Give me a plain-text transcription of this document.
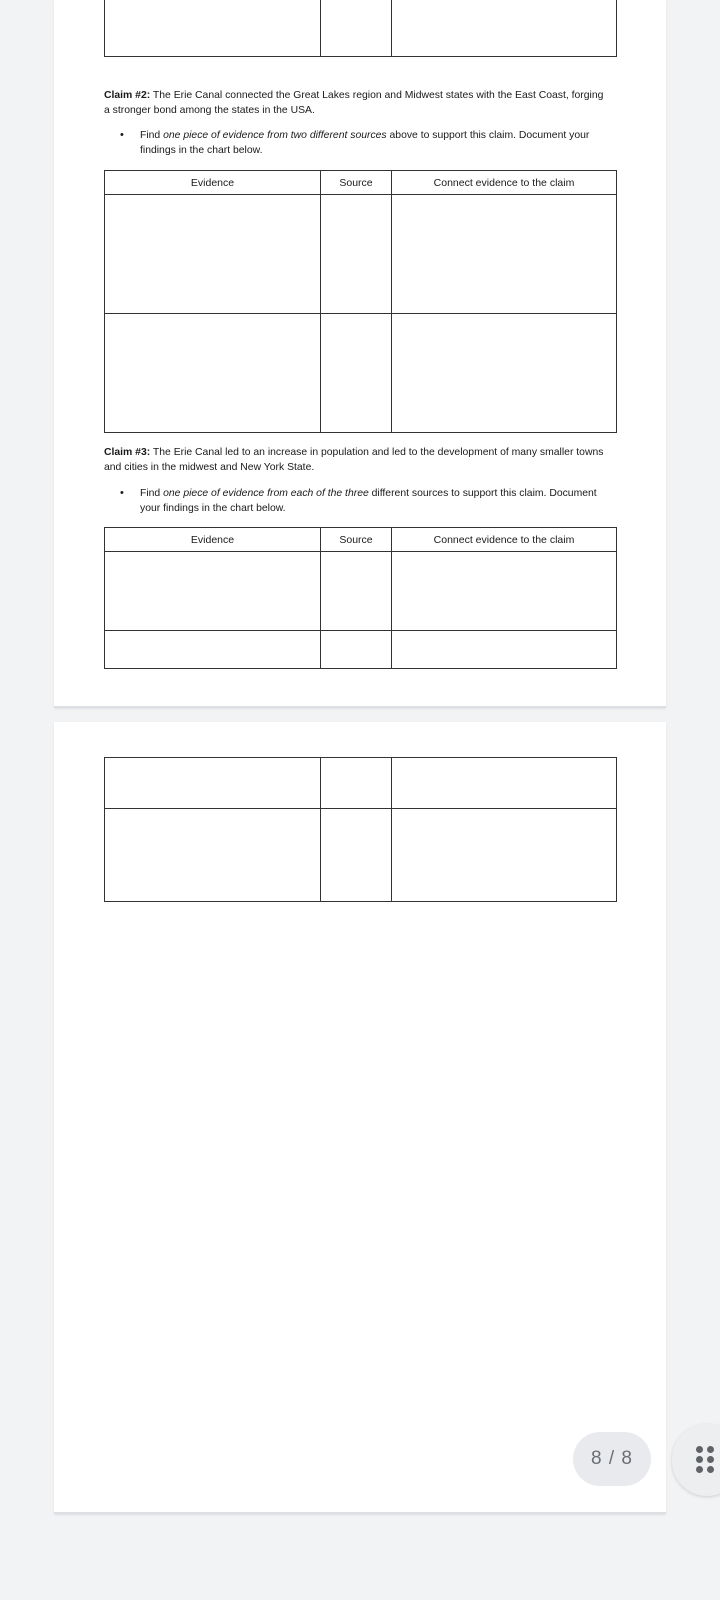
Claim #2: The Erie Canal connected the Great Lakes region and Midwest states with the East Coast, forging a stronger bond among the states in the USA.

•	Find one piece of evidence from two different sources above to support this claim. Document your findings in the chart below.
Evidence	Source	Connect evidence to the claim

Claim #3: The Erie Canal led to an increase in population and led to the development of many smaller towns and cities in the midwest and New York State.

•	Find one piece of evidence from each of the three different sources to support this claim. Document your findings in the chart below.
Evidence	Source	Connect evidence to the claim

8 / 8
